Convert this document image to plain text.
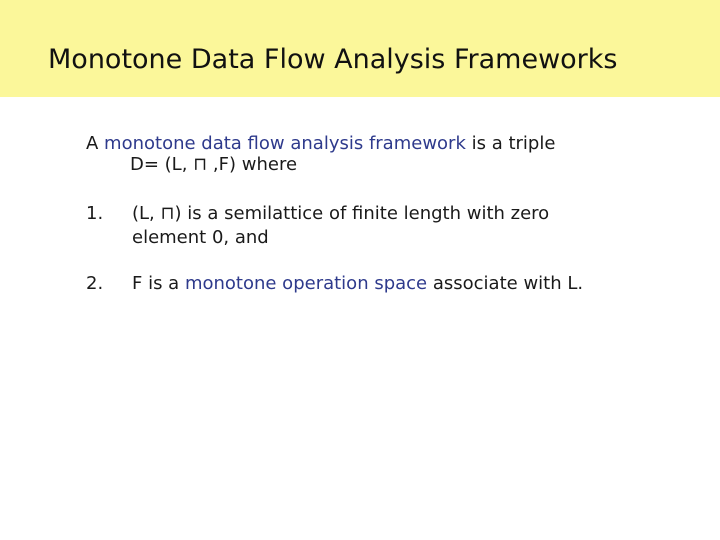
Monotone Data Flow Analysis Frameworks
A monotone data flow analysis framework is a triple
D= (L, ⊓ ,F) where
1.	(L, ⊓) is a semilattice of finite length with zero
element 0, and
2.	F is a monotone operation space associate with L.
